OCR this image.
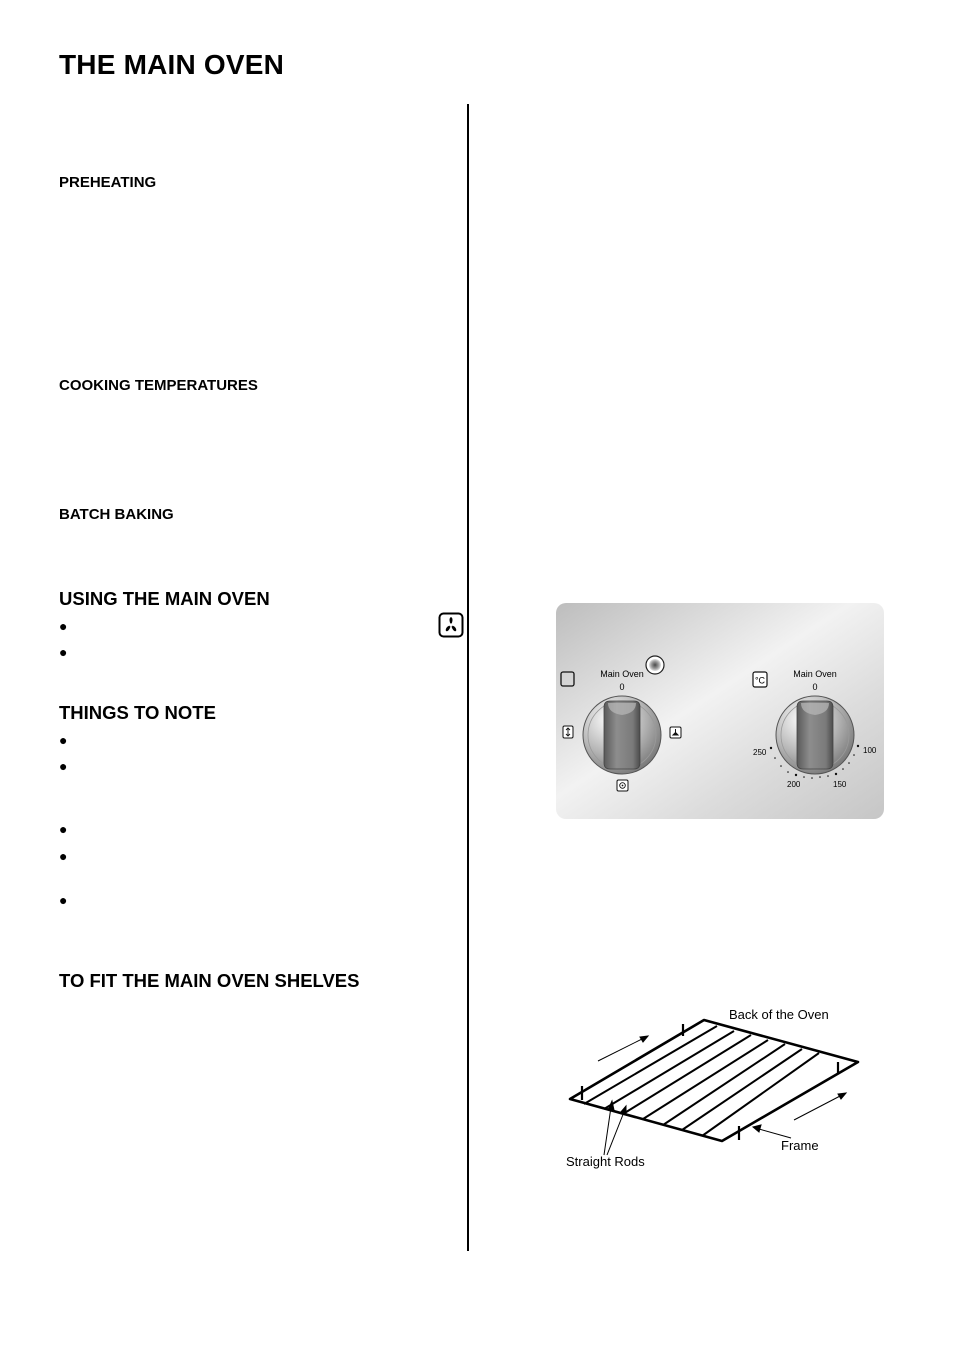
THE MAIN OVEN
PREHEATING
COOKING TEMPERATURES
BATCH BAKING
USING THE MAIN OVEN
●
●
THINGS TO NOTE
●
●
●
●
●
TO FIT THE MAIN OVEN SHELVES
Main Oven
0
°C
Main Oven
0
250	100
200	150
Back of the Oven
Frame
Straight Rods
